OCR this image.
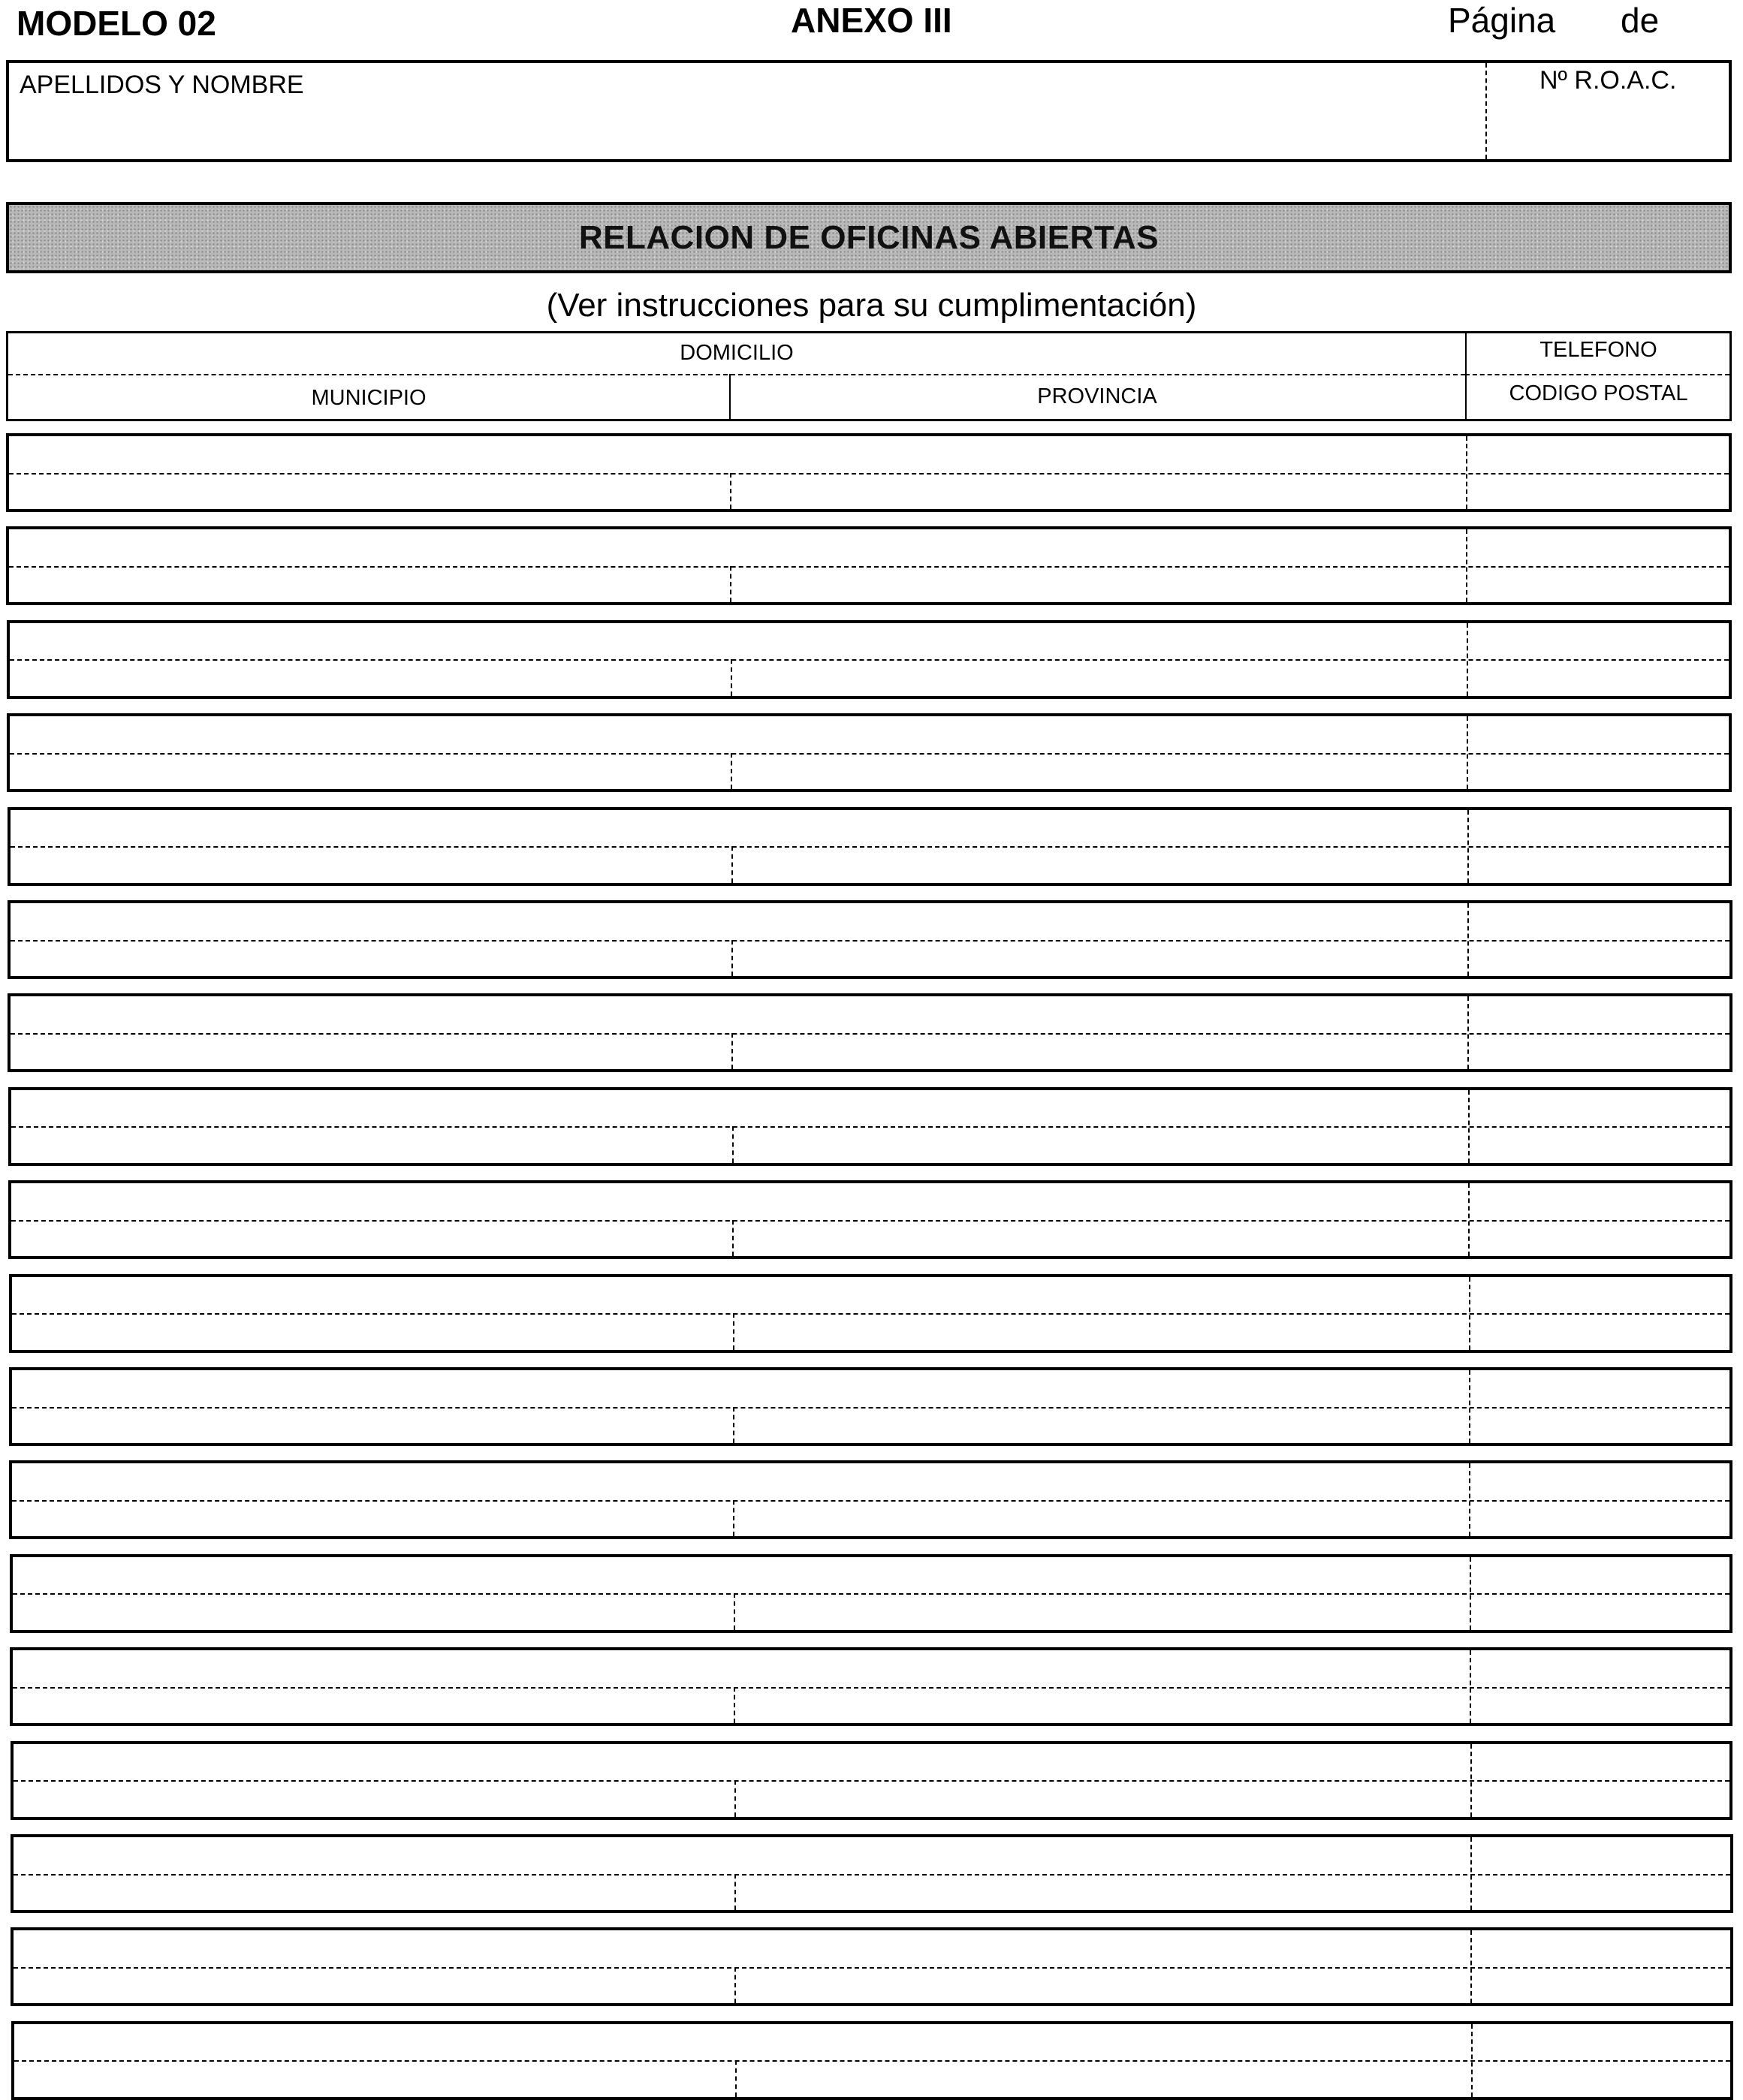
MODELO 02	ANEXO III	Página de
APELLIDOS Y NOMBRE	Nº R.O.A.C.
RELACION DE OFICINAS ABIERTAS
(Ver instrucciones para su cumplimentación)
DOMICILIO	TELEFONO
MUNICIPIO	PROVINCIA	CODIGO POSTAL
